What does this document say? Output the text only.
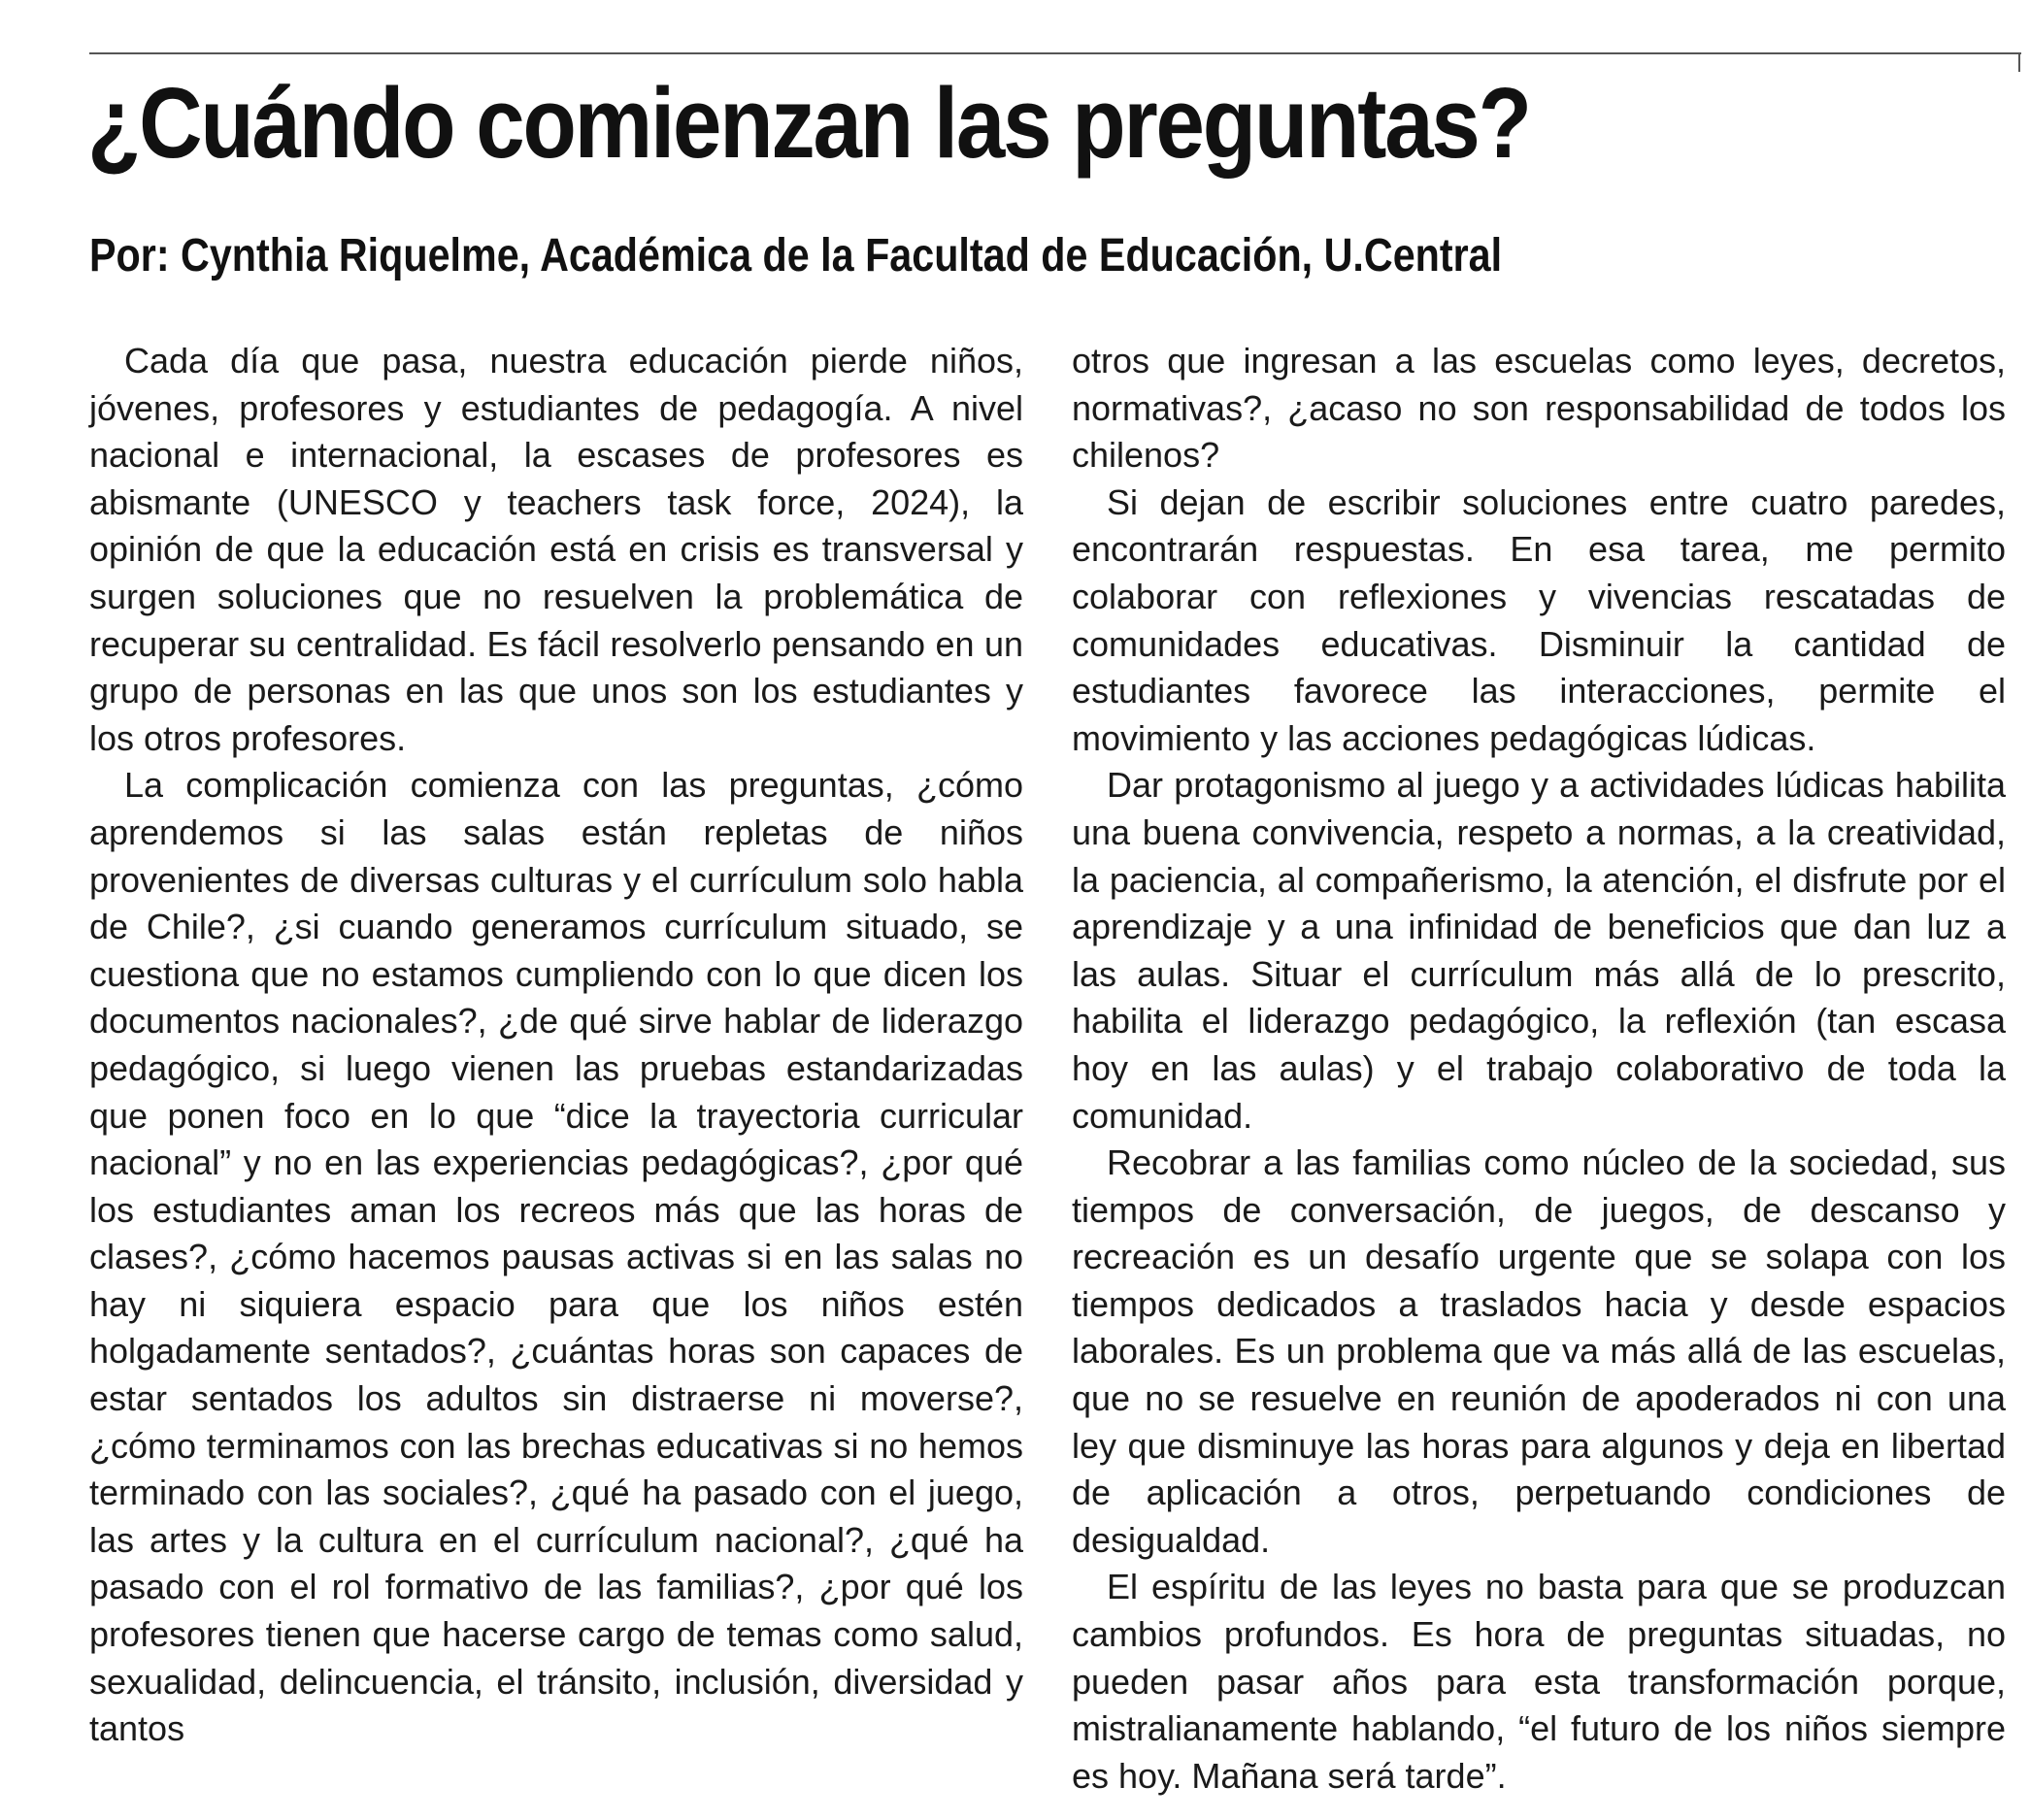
¿Cuándo comienzan las preguntas?
Por: Cynthia Riquelme, Académica de la Facultad de Educación, U.Central

Cada día que pasa, nuestra educación pierde niños, jóvenes, profesores y estudiantes de pedagogía. A nivel nacional e internacional, la escases de profesores es abismante (UNESCO y teachers task force, 2024), la opinión de que la educación está en crisis es transversal y surgen soluciones que no resuelven la problemática de recuperar su centralidad. Es fácil resolverlo pensando en un grupo de personas en las que unos son los estudiantes y los otros profesores.

La complicación comienza con las preguntas, ¿cómo aprendemos si las salas están repletas de niños provenientes de diversas culturas y el currículum solo habla de Chile?, ¿si cuando generamos currículum situado, se cuestiona que no estamos cumpliendo con lo que dicen los documentos nacionales?, ¿de qué sirve hablar de liderazgo pedagógico, si luego vienen las pruebas estandarizadas que ponen foco en lo que “dice la trayectoria curricular nacional” y no en las experiencias pedagógicas?, ¿por qué los estudiantes aman los recreos más que las horas de clases?, ¿cómo hacemos pausas activas si en las salas no hay ni siquiera espacio para que los niños estén holgadamente sentados?, ¿cuántas horas son capaces de estar sentados los adultos sin distraerse ni moverse?, ¿cómo terminamos con las brechas educativas si no hemos terminado con las sociales?, ¿qué ha pasado con el juego, las artes y la cultura en el currículum nacional?, ¿qué ha pasado con el rol formativo de las familias?, ¿por qué los profesores tienen que hacerse cargo de temas como salud, sexualidad, delincuencia, el tránsito, inclusión, diversidad y tantos

otros que ingresan a las escuelas como leyes, decretos, normativas?, ¿acaso no son responsabilidad de todos los chilenos?

Si dejan de escribir soluciones entre cuatro paredes, encontrarán respuestas. En esa tarea, me permito colaborar con reflexiones y vivencias rescatadas de comunidades educativas. Disminuir la cantidad de estudiantes favorece las interacciones, permite el movimiento y las acciones pedagógicas lúdicas.

Dar protagonismo al juego y a actividades lúdicas habilita una buena convivencia, respeto a normas, a la creatividad, la paciencia, al compañerismo, la atención, el disfrute por el aprendizaje y a una infinidad de beneficios que dan luz a las aulas. Situar el currículum más allá de lo prescrito, habilita el liderazgo pedagógico, la reflexión (tan escasa hoy en las aulas) y el trabajo colaborativo de toda la comunidad.

Recobrar a las familias como núcleo de la sociedad, sus tiempos de conversación, de juegos, de descanso y recreación es un desafío urgente que se solapa con los tiempos dedicados a traslados hacia y desde espacios laborales. Es un problema que va más allá de las escuelas, que no se resuelve en reunión de apoderados ni con una ley que disminuye las horas para algunos y deja en libertad de aplicación a otros, perpetuando condiciones de desigualdad.

El espíritu de las leyes no basta para que se produzcan cambios profundos. Es hora de preguntas situadas, no pueden pasar años para esta transformación porque, mistralianamente hablando, “el futuro de los niños siempre es hoy. Mañana será tarde”.
